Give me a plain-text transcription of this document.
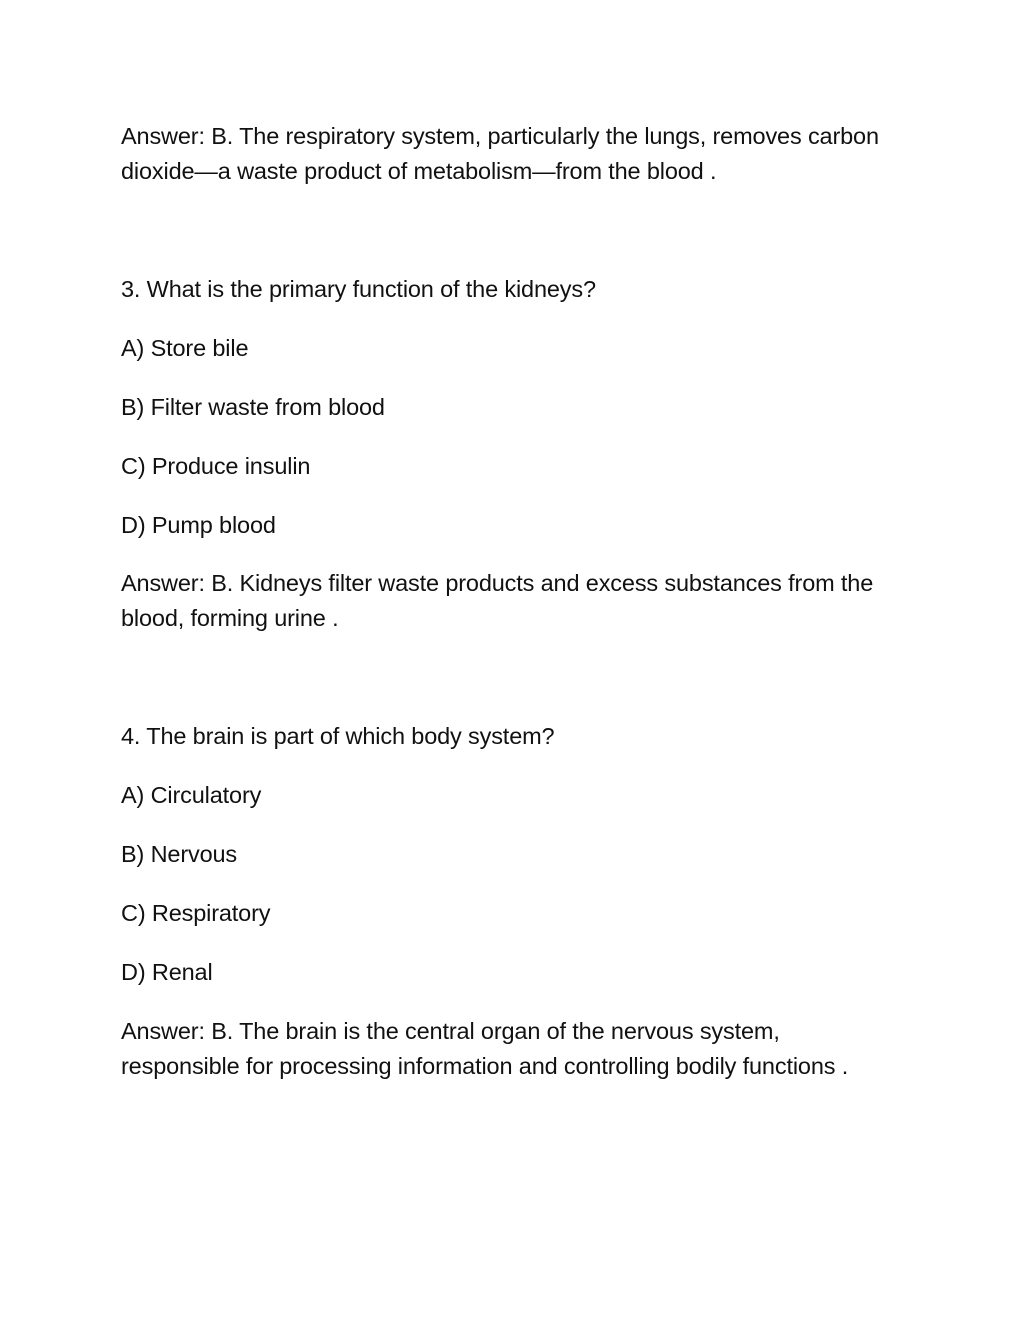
Answer: B. The respiratory system, particularly the lungs, removes carbon dioxide—a waste product of metabolism—from the blood .

3. What is the primary function of the kidneys?

A) Store bile

B) Filter waste from blood

C) Produce insulin

D) Pump blood

Answer: B. Kidneys filter waste products and excess substances from the blood, forming urine .

4. The brain is part of which body system?

A) Circulatory

B) Nervous

C) Respiratory

D) Renal

Answer: B. The brain is the central organ of the nervous system, responsible for processing information and controlling bodily functions .
